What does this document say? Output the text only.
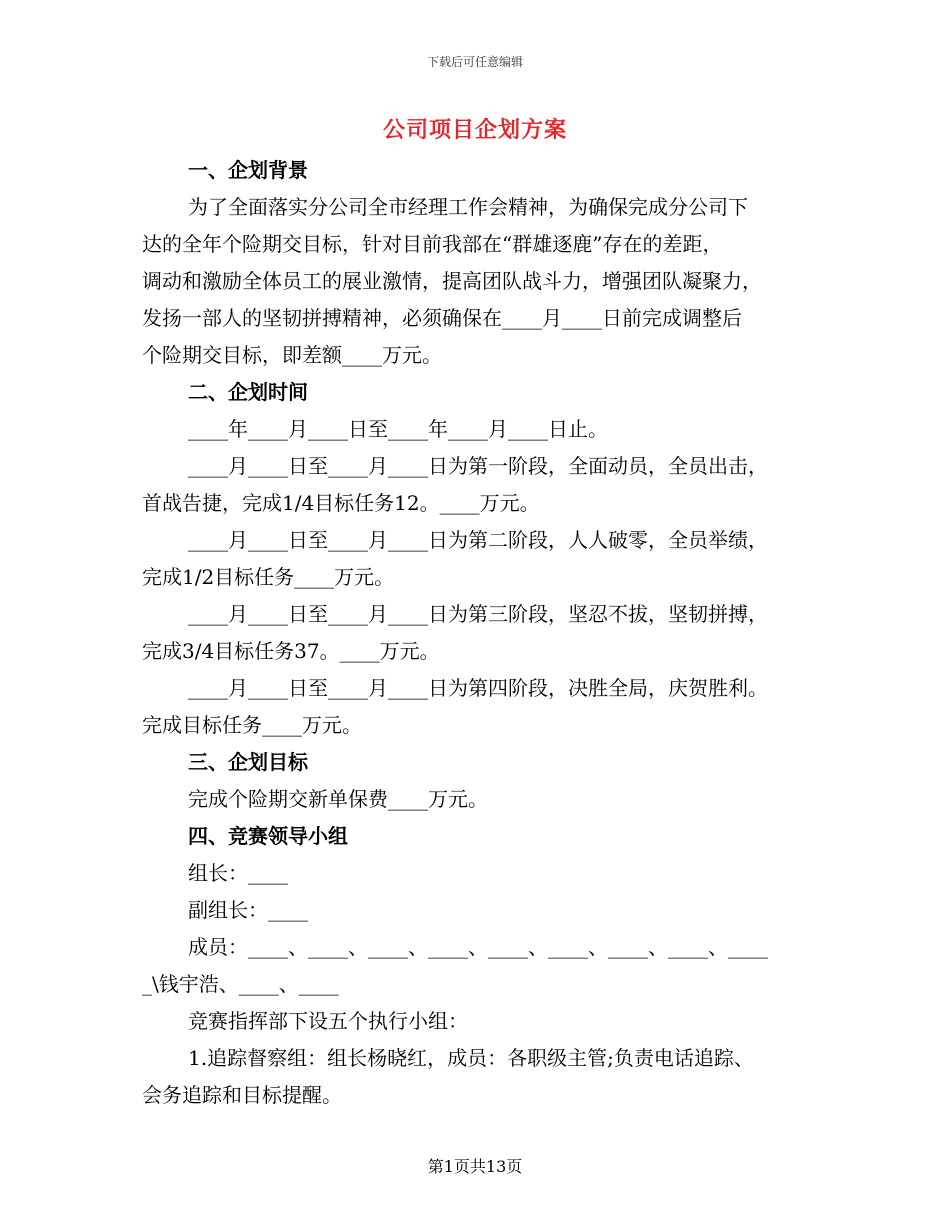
下载后可任意编辑
公司项目企划方案
一、企划背景
为了全面落实分公司全市经理工作会精神，为确保完成分公司下
达的全年个险期交目标，针对目前我部在“群雄逐鹿”存在的差距，
调动和激励全体员工的展业激情，提高团队战斗力，增强团队凝聚力，
发扬一部人的坚韧拼搏精神，必须确保在____月____日前完成调整后
个险期交目标，即差额____万元。
二、企划时间
____年____月____日至____年____月____日止。
____月____日至____月____日为第一阶段，全面动员，全员出击，
首战告捷，完成1/4目标任务12。____万元。
____月____日至____月____日为第二阶段，人人破零，全员举绩，
完成1/2目标任务____万元。
____月____日至____月____日为第三阶段，坚忍不拔，坚韧拼搏，
完成3/4目标任务37。____万元。
____月____日至____月____日为第四阶段，决胜全局，庆贺胜利。
完成目标任务____万元。
三、企划目标
完成个险期交新单保费____万元。
四、竞赛领导小组
组长：____
副组长：____
成员：____、____、____、____、____、____、____、____、____
_\钱宇浩、____、____
竞赛指挥部下设五个执行小组：
1.追踪督察组：组长杨晓红，成员：各职级主管;负责电话追踪、
会务追踪和目标提醒。
第1页共13页
